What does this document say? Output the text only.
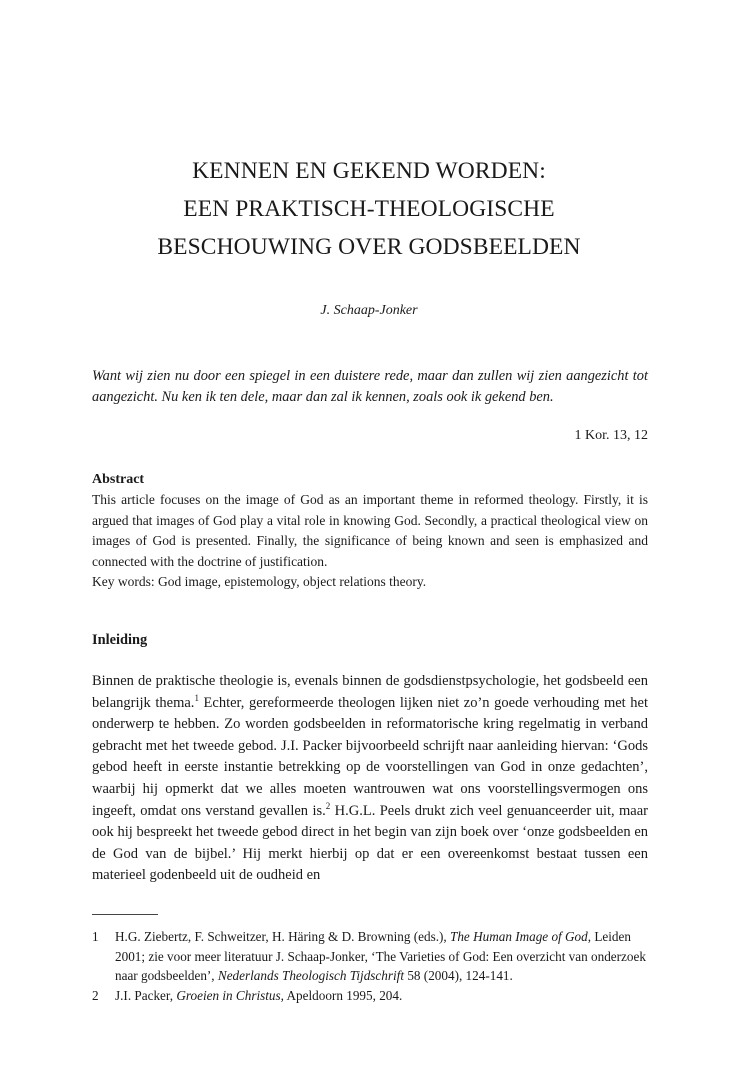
KENNEN EN GEKEND WORDEN:
EEN PRAKTISCH-THEOLOGISCHE
BESCHOUWING OVER GODSBEELDEN
J. Schaap-Jonker
Want wij zien nu door een spiegel in een duistere rede, maar dan zullen wij zien aangezicht tot aangezicht. Nu ken ik ten dele, maar dan zal ik kennen, zoals ook ik gekend ben.
1 Kor. 13, 12

Abstract

This article focuses on the image of God as an important theme in reformed theology. Firstly, it is argued that images of God play a vital role in knowing God. Secondly, a practical theological view on images of God is presented. Finally, the significance of being known and seen is emphasized and connected with the doctrine of justification.

Key words: God image, epistemology, object relations theory.

Inleiding

Binnen de praktische theologie is, evenals binnen de godsdienstpsychologie, het godsbeeld een belangrijk thema.$^1$ Echter, gereformeerde theologen lijken niet zo’n goede verhouding met het onderwerp te hebben. Zo worden godsbeelden in reformatorische kring regelmatig in verband gebracht met het tweede gebod. J.I. Packer bijvoorbeeld schrijft naar aanleiding hiervan: ‘Gods gebod heeft in eerste instantie betrekking op de voorstellingen van God in onze gedachten’, waarbij hij opmerkt dat we alles moeten wantrouwen wat ons voorstellingsvermogen ons ingeeft, omdat ons verstand gevallen is.$^2$ H.G.L. Peels drukt zich veel genuanceerder uit, maar ook hij bespreekt het tweede gebod direct in het begin van zijn boek over ‘onze godsbeelden en de God van de bijbel.’ Hij merkt hierbij op dat er een overeenkomst bestaat tussen een materieel godenbeeld uit de oudheid en

1	H.G. Ziebertz, F. Schweitzer, H. Häring & D. Browning (eds.), The Human Image of God, Leiden 2001; zie voor meer literatuur J. Schaap-Jonker, ‘The Varieties of God: Een overzicht van onderzoek naar godsbeelden’, Nederlands Theologisch Tijdschrift 58 (2004), 124-141.
2	J.I. Packer, Groeien in Christus, Apeldoorn 1995, 204.
